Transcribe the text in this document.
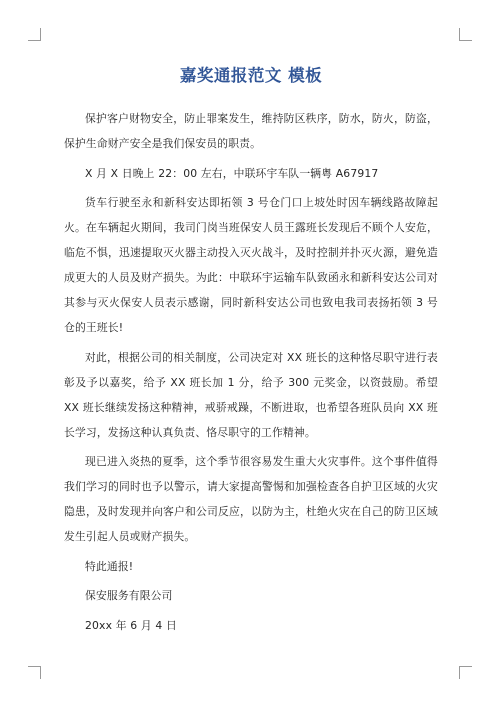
嘉奖通报范文 模板

保护客户财物安全，防止罪案发生，维持防区秩序，防水，防火，防盗，保护生命财产安全是我们保安员的职责。

X 月 X 日晚上 22：00 左右，中联环宇车队一辆粤 A67917

货车行驶至永和新科安达即拓领 3 号仓门口上坡处时因车辆线路故障起火。在车辆起火期间，我司门岗当班保安人员王露班长发现后不顾个人安危，临危不惧，迅速提取灭火器主动投入灭火战斗，及时控制并扑灭火源，避免造成更大的人员及财产损失。为此：中联环宇运输车队致函永和新科安达公司对其参与灭火保安人员表示感谢，同时新科安达公司也致电我司表扬拓领 3 号仓的王班长!

对此，根据公司的相关制度，公司决定对 XX 班长的这种恪尽职守进行表彰及予以嘉奖，给予 XX 班长加 1 分，给予 300 元奖金，以资鼓励。希望 XX 班长继续发扬这种精神，戒骄戒躁，不断进取，也希望各班队员向 XX 班长学习，发扬这种认真负责、恪尽职守的工作精神。

现已进入炎热的夏季，这个季节很容易发生重大火灾事件。这个事件值得我们学习的同时也予以警示，请大家提高警惕和加强检查各自护卫区域的火灾隐患，及时发现并向客户和公司反应，以防为主，杜绝火灾在自己的防卫区域发生引起人员或财产损失。

特此通报!

保安服务有限公司

20xx 年 6 月 4 日
